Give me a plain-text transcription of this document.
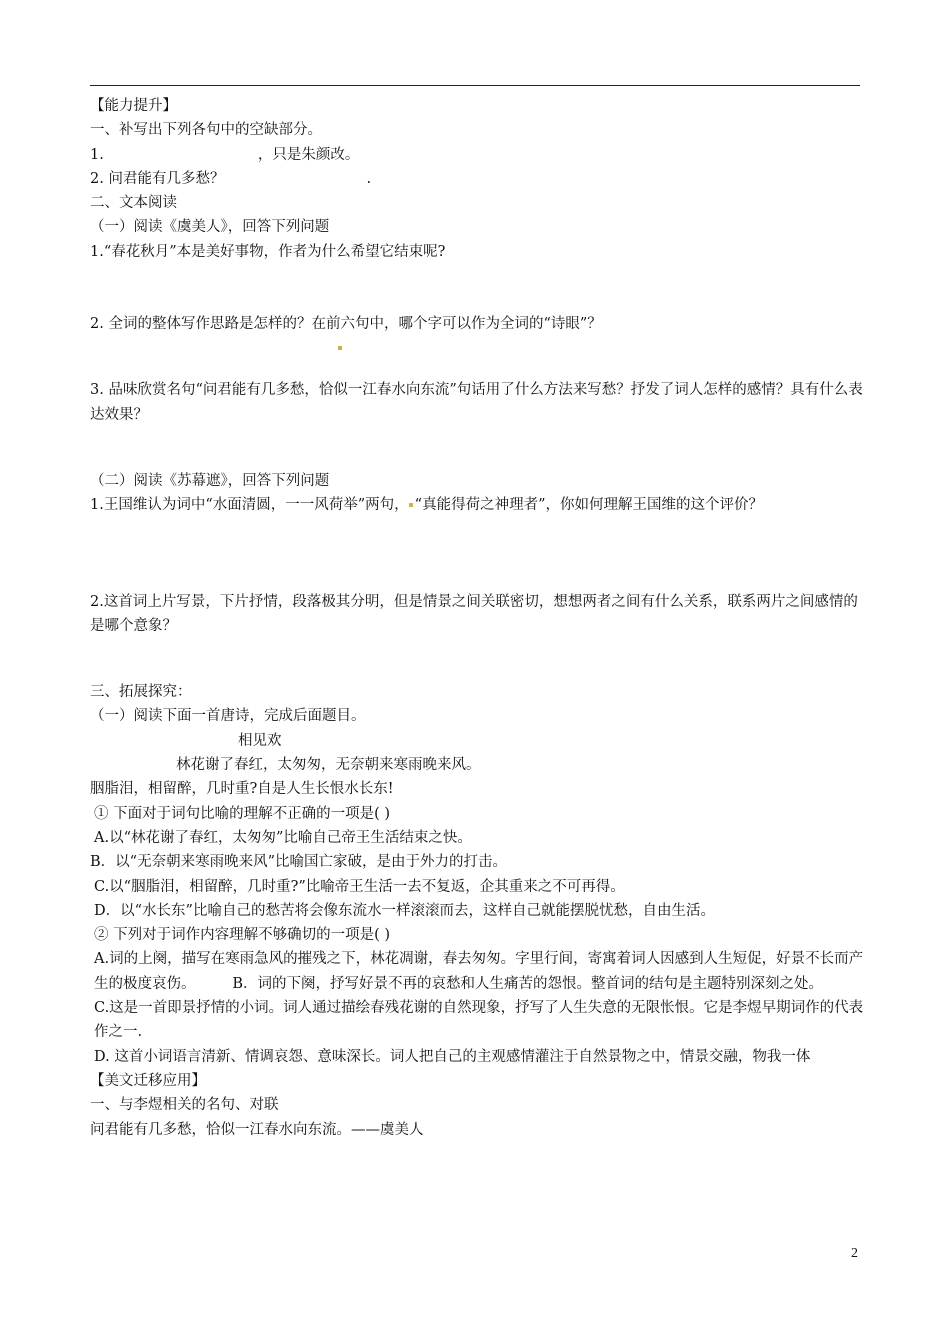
【能力提升】
一、补写出下列各句中的空缺部分。
1.	，只是朱颜改。
2. 问君能有几多愁？	.
二、文本阅读
（一）阅读《虞美人》，回答下列问题
1.“春花秋月”本是美好事物，作者为什么希望它结束呢?
2. 全词的整体写作思路是怎样的？在前六句中，哪个字可以作为全词的“诗眼”？
3. 品味欣赏名句“问君能有几多愁，恰似一江春水向东流”句话用了什么方法来写愁？抒发了词人怎样的感情？具有什么表达效果？
（二）阅读《苏幕遮》，回答下列问题
1.王国维认为词中“水面清圆，一一风荷举”两句， “真能得荷之神理者”，你如何理解王国维的这个评价？
2.这首词上片写景，下片抒情，段落极其分明，但是情景之间关联密切，想想两者之间有什么关系，联系两片之间感情的是哪个意象？
三、拓展探究：
（一）阅读下面一首唐诗，完成后面题目。
相见欢
林花谢了春红，太匆匆，无奈朝来寒雨晚来风。
胭脂泪，相留醉，几时重?自是人生长恨水长东!
① 下面对于词句比喻的理解不正确的一项是( )
A.以“林花谢了春红，太匆匆”比喻自己帝王生活结束之快。
B．以“无奈朝来寒雨晚来风”比喻国亡家破，是由于外力的打击。
C.以“胭脂泪，相留醉，几时重?”比喻帝王生活一去不复返，企其重来之不可再得。
D．以“水长东”比喻自己的愁苦将会像东流水一样滚滚而去，这样自己就能摆脱忧愁，自由生活。
② 下列对于词作内容理解不够确切的一项是( )
A.词的上阕，描写在寒雨急风的摧残之下，林花凋谢，春去匆匆。字里行间，寄寓着词人因感到人生短促，好景不长而产生的极度哀伤。	B．词的下阕，抒写好景不再的哀愁和人生痛苦的怨恨。整首词的结句是主题特别深刻之处。
C.这是一首即景抒情的小词。词人通过描绘春残花谢的自然现象，抒写了人生失意的无限怅恨。它是李煜早期词作的代表作之一.
D. 这首小词语言清新、情调哀怨、意味深长。词人把自己的主观感情灌注于自然景物之中，情景交融，物我一体
【美文迁移应用】
一、与李煜相关的名句、对联
问君能有几多愁，恰似一江春水向东流。——虞美人
2
